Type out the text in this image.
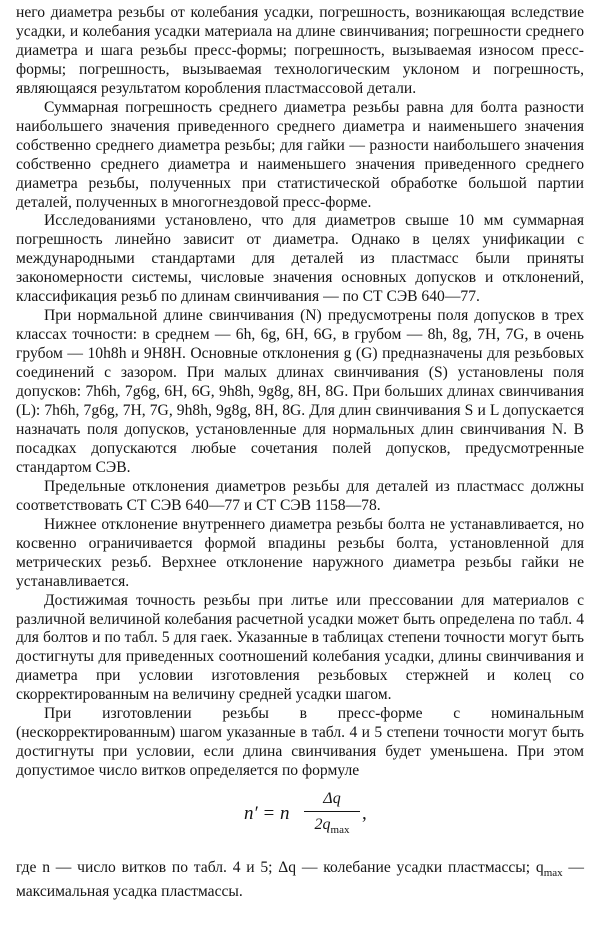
него диаметра резьбы от колебания усадки, погрешность, возникающая вследствие усадки, и колебания усадки материала на длине свинчивания; погрешности среднего диаметра и шага резьбы пресс-формы; погрешность, вызываемая износом пресс-формы; погрешность, вызываемая технологическим уклоном и погрешность, являющаяся результатом коробления пластмассовой детали.

Суммарная погрешность среднего диаметра резьбы равна для болта разности наибольшего значения приведенного среднего диаметра и наименьшего значения собственно среднего диаметра резьбы; для гайки — разности наибольшего значения собственно среднего диаметра и наименьшего значения приведенного среднего диаметра резьбы, полученных при статистической обработке большой партии деталей, полученных в многогнездовой пресс-форме.

Исследованиями установлено, что для диаметров свыше 10 мм суммарная погрешность линейно зависит от диаметра. Однако в целях унификации с международными стандартами для деталей из пластмасс были приняты закономерности системы, числовые значения основных допусков и отклонений, классификация резьб по длинам свинчивания — по СТ СЭВ 640—77.

При нормальной длине свинчивания (N) предусмотрены поля допусков в трех классах точности: в среднем — 6h, 6g, 6H, 6G, в грубом — 8h, 8g, 7H, 7G, в очень грубом — 10h8h и 9H8H. Основные отклонения g (G) предназначены для резьбовых соединений с зазором. При малых длинах свинчивания (S) установлены поля допусков: 7h6h, 7g6g, 6H, 6G, 9h8h, 9g8g, 8H, 8G. При больших длинах свинчивания (L): 7h6h, 7g6g, 7H, 7G, 9h8h, 9g8g, 8H, 8G. Для длин свинчивания S и L допускается назначать поля допусков, установленные для нормальных длин свинчивания N. В посадках допускаются любые сочетания полей допусков, предусмотренные стандартом СЭВ.

Предельные отклонения диаметров резьбы для деталей из пластмасс должны соответствовать СТ СЭВ 640—77 и СТ СЭВ 1158—78.

Нижнее отклонение внутреннего диаметра резьбы болта не устанавливается, но косвенно ограничивается формой впадины резьбы болта, установленной для метрических резьб. Верхнее отклонение наружного диаметра резьбы гайки не устанавливается.

Достижимая точность резьбы при литье или прессовании для материалов с различной величиной колебания расчетной усадки может быть определена по табл. 4 для болтов и по табл. 5 для гаек. Указанные в таблицах степени точности могут быть достигнуты для приведенных соотношений колебания усадки, длины свинчивания и диаметра при условии изготовления резьбовых стержней и колец со скорректированным на величину средней усадки шагом.

При изготовлении резьбы в пресс-форме с номинальным (нескорректированным) шагом указанные в табл. 4 и 5 степени точности могут быть достигнуты при условии, если длина свинчивания будет уменьшена. При этом допустимое число витков определяется по формуле

n′ = n
Δq
$2q_{max}$
,

где n — число витков по табл. 4 и 5; Δq — колебание усадки пластмассы; $q_{max}$ — максимальная усадка пластмассы.
